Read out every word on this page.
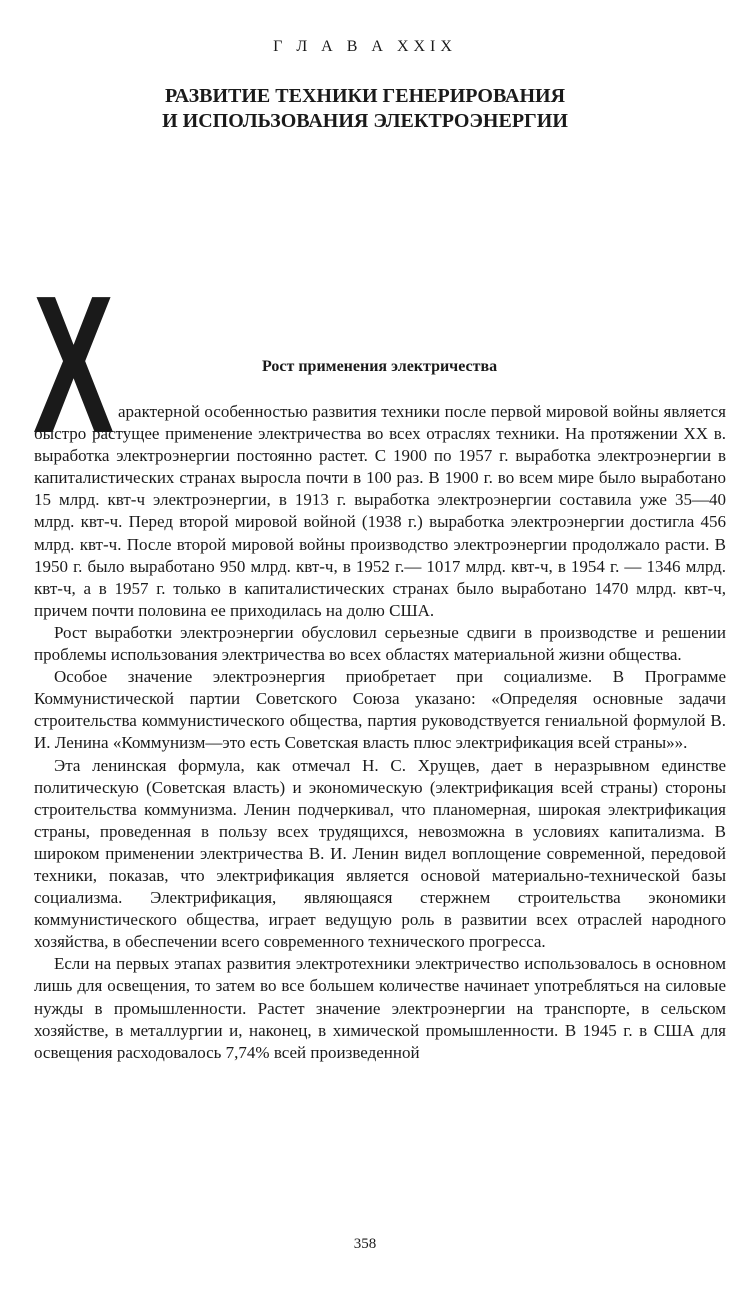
Г Л А В А XXIX
РАЗВИТИЕ ТЕХНИКИ ГЕНЕРИРОВАНИЯ
И ИСПОЛЬЗОВАНИЯ ЭЛЕКТРОЭНЕРГИИ
Х	Рост применения электричества

арактерной особенностью развития техники после первой мировой войны является быстро растущее применение электричества во всех отраслях техники. На протяжении XX в. выработка электроэнергии постоянно растет. С 1900 по 1957 г. выработка электроэнергии в капиталистических странах выросла почти в 100 раз. В 1900 г. во всем мире было выработано 15 млрд. квт-ч электроэнергии, в 1913 г. выработка электроэнергии составила уже 35—40 млрд. квт-ч. Перед второй мировой войной (1938 г.) выработка электроэнергии достигла 456 млрд. квт-ч. После второй мировой войны производство электроэнергии продолжало расти. В 1950 г. было выработано 950 млрд. квт-ч, в 1952 г.— 1017 млрд. квт-ч, в 1954 г. — 1346 млрд. квт-ч, а в 1957 г. только в капиталистических странах было выработано 1470 млрд. квт-ч, причем почти половина ее приходилась на долю США.

Рост выработки электроэнергии обусловил серьезные сдвиги в производстве и решении проблемы использования электричества во всех областях материальной жизни общества.

Особое значение электроэнергия приобретает при социализме. В Программе Коммунистической партии Советского Союза указано: «Определяя основные задачи строительства коммунистического общества, партия руководствуется гениальной формулой В. И. Ленина «Коммунизм—это есть Советская власть плюс электрификация всей страны»».

Эта ленинская формула, как отмечал Н. С. Хрущев, дает в неразрывном единстве политическую (Советская власть) и экономическую (электрификация всей страны) стороны строительства коммунизма. Ленин подчеркивал, что планомерная, широкая электрификация страны, проведенная в пользу всех трудящихся, невозможна в условиях капитализма. В широком применении электричества В. И. Ленин видел воплощение современной, передовой техники, показав, что электрификация является основой материально-технической базы социализма. Электрификация, являющаяся стержнем строительства экономики коммунистического общества, играет ведущую роль в развитии всех отраслей народного хозяйства, в обеспечении всего современного технического прогресса.

Если на первых этапах развития электротехники электричество использовалось в основном лишь для освещения, то затем во все большем количестве начинает употребляться на силовые нужды в промышленности. Растет значение электроэнергии на транспорте, в сельском хозяйстве, в металлургии и, наконец, в химической промышленности. В 1945 г. в США для освещения расходовалось 7,74% всей произведенной

358
